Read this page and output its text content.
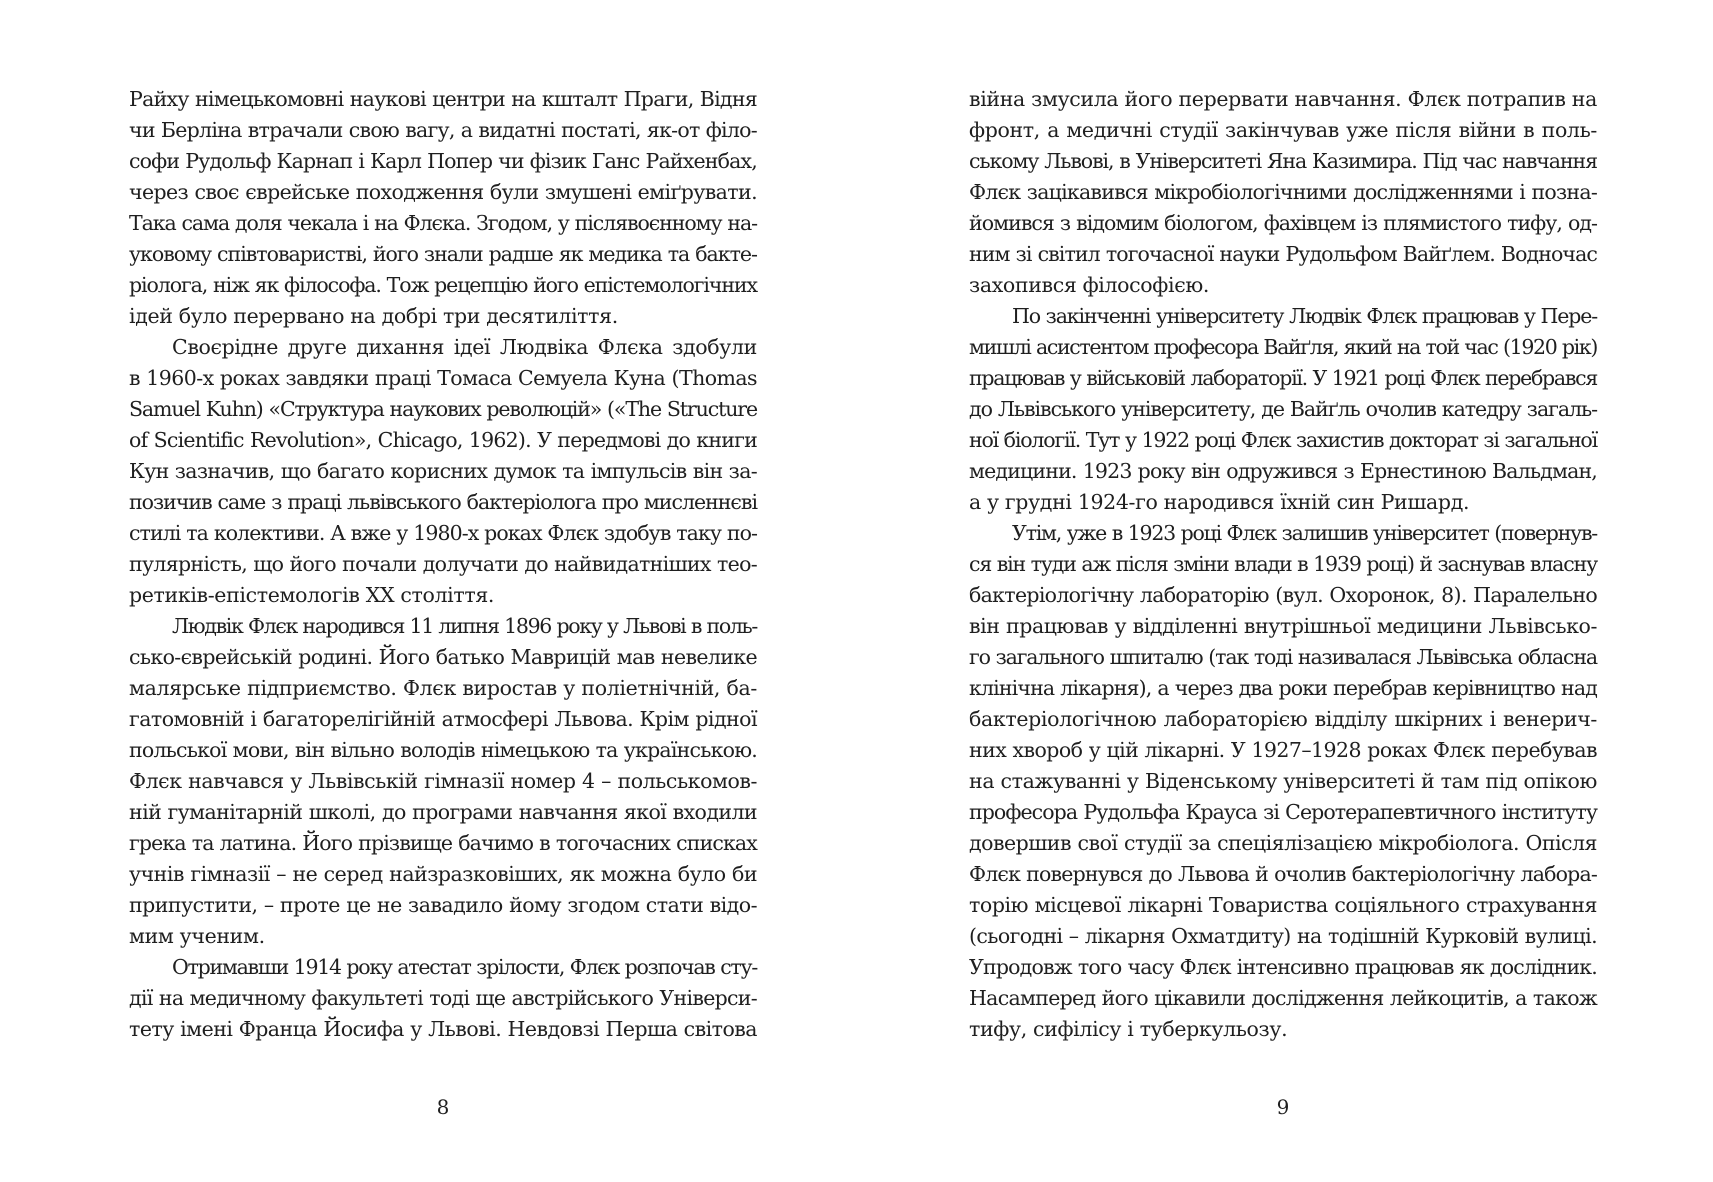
Райху німецькомовні наукові центри на кшталт Праги, Відня
чи Берліна втрачали свою вагу, а видатні постаті, як-от філо-
софи Рудольф Карнап і Карл Попер чи фізик Ганс Райхенбах,
через своє єврейське походження були змушені еміґрувати.
Така сама доля чекала і на Флєка. Згодом, у післявоєнному на-
уковому співтоваристві, його знали радше як медика та бакте-
ріолога, ніж як філософа. Тож рецепцію його епістемологічних
ідей було перервано на добрі три десятиліття.
Своєрідне друге дихання ідеї Людвіка Флєка здобули
в 1960-х роках завдяки праці Томаса Семуела Куна (Thomas
Samuel Kuhn) «Структура наукових революцій» («The Structure
of Scientific Revolution», Chicago, 1962). У передмові до книги
Кун зазначив, що багато корисних думок та імпульсів він за-
позичив саме з праці львівського бактеріолога про мисленнєві
стилі та колективи. А вже у 1980-х роках Флєк здобув таку по-
пулярність, що його почали долучати до найвидатніших тео-
ретиків-епістемологів ХХ століття.
Людвік Флєк народився 11 липня 1896 року у Львові в поль-
сько-єврейській родині. Його батько Маврицій мав невелике
малярське підприємство. Флєк виростав у поліетнічній, ба-
гатомовній і багаторелігійній атмосфері Львова. Крім рідної
польської мови, він вільно володів німецькою та українською.
Флєк навчався у Львівській гімназії номер 4 – польськомов-
ній гуманітарній школі, до програми навчання якої входили
грека та латина. Його прізвище бачимо в тогочасних списках
учнів гімназії – не серед найзразковіших, як можна було би
припустити, – проте це не завадило йому згодом стати відо-
мим ученим.
Отримавши 1914 року атестат зрілости, Флєк розпочав сту-
дії на медичному факультеті тоді ще австрійського Універси-
тету імені Франца Йосифа у Львові. Невдовзі Перша світова
8
війна змусила його перервати навчання. Флєк потрапив на
фронт, а медичні студії закінчував уже після війни в поль-
ському Львові, в Університеті Яна Казимира. Під час навчання
Флєк зацікавився мікробіологічними дослідженнями і позна-
йомився з відомим біологом, фахівцем із плямистого тифу, од-
ним зі світил тогочасної науки Рудольфом Вайґлем. Водночас
захопився філософією.
По закінченні університету Людвік Флєк працював у Пере-
мишлі асистентом професора Вайґля, який на той час (1920 рік)
працював у військовій лабораторії. У 1921 році Флєк перебрався
до Львівського університету, де Вайґль очолив катедру загаль-
ної біології. Тут у 1922 році Флєк захистив докторат зі загальної
медицини. 1923 року він одружився з Ернестиною Вальдман,
а у грудні 1924-го народився їхній син Ришард.
Утім, уже в 1923 році Флєк залишив університет (повернув-
ся він туди аж після зміни влади в 1939 році) й заснував власну
бактеріологічну лабораторію (вул. Охоронок, 8). Паралельно
він працював у відділенні внутрішньої медицини Львівсько-
го загального шпиталю (так тоді називалася Львівська обласна
клінічна лікарня), а через два роки перебрав керівництво над
бактеріологічною лабораторією відділу шкірних і венерич-
них хвороб у цій лікарні. У 1927–1928 роках Флєк перебував
на стажуванні у Віденському університеті й там під опікою
професора Рудольфа Крауса зі Серотерапевтичного інституту
довершив свої студії за спеціялізацією мікробіолога. Опісля
Флєк повернувся до Львова й очолив бактеріологічну лабора-
торію місцевої лікарні Товариства соціяльного страхування
(сьогодні – лікарня Охматдиту) на тодішній Курковій вулиці.
Упродовж того часу Флєк інтенсивно працював як дослідник.
Насамперед його цікавили дослідження лейкоцитів, а також
тифу, сифілісу і туберкульозу.
9
